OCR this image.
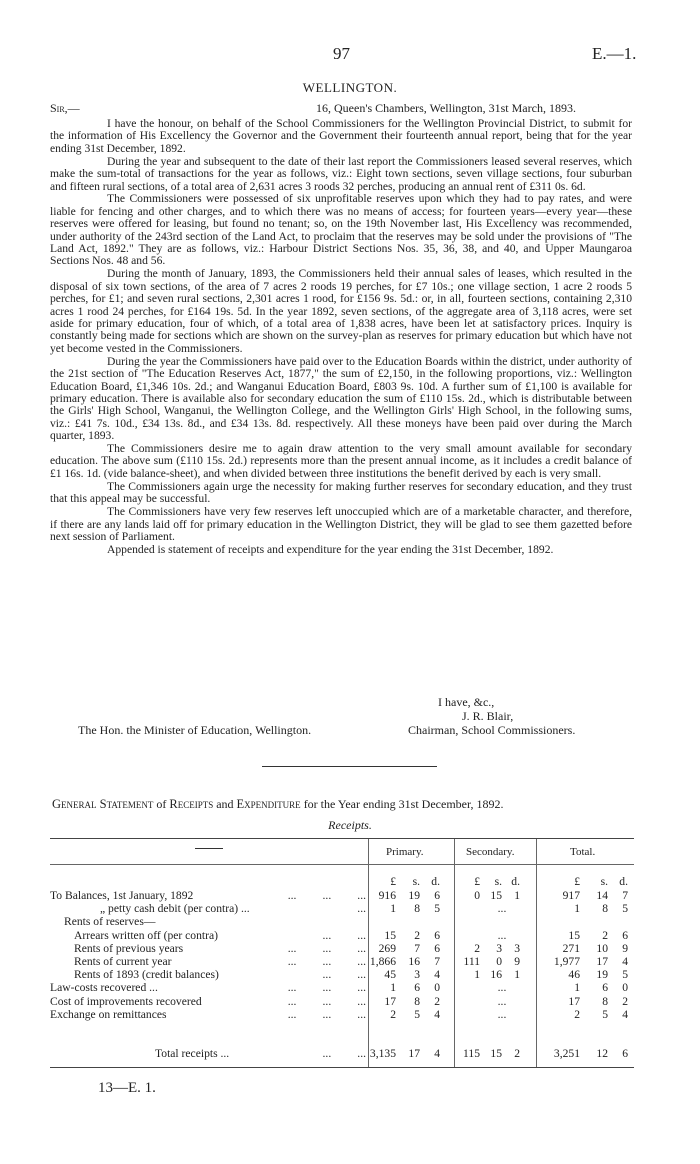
97	E.—1.
WELLINGTON.
Sir,—	16, Queen's Chambers, Wellington, 31st March, 1893.

I have the honour, on behalf of the School Commissioners for the Wellington Provincial District, to submit for the information of His Excellency the Governor and the Government their fourteenth annual report, being that for the year ending 31st December, 1892.

During the year and subsequent to the date of their last report the Commissioners leased several reserves, which make the sum-total of transactions for the year as follows, viz.: Eight town sections, seven village sections, four suburban and fifteen rural sections, of a total area of 2,631 acres 3 roods 32 perches, producing an annual rent of £311 0s. 6d.

The Commissioners were possessed of six unprofitable reserves upon which they had to pay rates, and were liable for fencing and other charges, and to which there was no means of access; for fourteen years—every year—these reserves were offered for leasing, but found no tenant; so, on the 19th November last, His Excellency was recommended, under authority of the 243rd section of the Land Act, to proclaim that the reserves may be sold under the provisions of "The Land Act, 1892." They are as follows, viz.: Harbour District Sections Nos. 35, 36, 38, and 40, and Upper Maungaroa Sections Nos. 48 and 56.

During the month of January, 1893, the Commissioners held their annual sales of leases, which resulted in the disposal of six town sections, of the area of 7 acres 2 roods 19 perches, for £7 10s.; one village section, 1 acre 2 roods 5 perches, for £1; and seven rural sections, 2,301 acres 1 rood, for £156 9s. 5d.: or, in all, fourteen sections, containing 2,310 acres 1 rood 24 perches, for £164 19s. 5d. In the year 1892, seven sections, of the aggregate area of 3,118 acres, were set aside for primary education, four of which, of a total area of 1,838 acres, have been let at satisfactory prices. Inquiry is constantly being made for sections which are shown on the survey-plan as reserves for primary education but which have not yet become vested in the Commissioners.

During the year the Commissioners have paid over to the Education Boards within the district, under authority of the 21st section of "The Education Reserves Act, 1877," the sum of £2,150, in the following proportions, viz.: Wellington Education Board, £1,346 10s. 2d.; and Wanganui Education Board, £803 9s. 10d. A further sum of £1,100 is available for primary education. There is available also for secondary education the sum of £110 15s. 2d., which is distributable between the Girls' High School, Wanganui, the Wellington College, and the Wellington Girls' High School, in the following sums, viz.: £41 7s. 10d., £34 13s. 8d., and £34 13s. 8d. respectively. All these moneys have been paid over during the March quarter, 1893.

The Commissioners desire me to again draw attention to the very small amount available for secondary education. The above sum (£110 15s. 2d.) represents more than the present annual income, as it includes a credit balance of £1 16s. 1d. (vide balance-sheet), and when divided between three institutions the benefit derived by each is very small.

The Commissioners again urge the necessity for making further reserves for secondary education, and they trust that this appeal may be successful.

The Commissioners have very few reserves left unoccupied which are of a marketable character, and therefore, if there are any lands laid off for primary education in the Wellington District, they will be glad to see them gazetted before next session of Parliament.

Appended is statement of receipts and expenditure for the year ending the 31st December, 1892.

I have, &c.,
J. R. Blair,
The Hon. the Minister of Education, Wellington.	Chairman, School Commissioners.
General Statement of Receipts and Expenditure for the Year ending 31st December, 1892.
Receipts.
Primary.	Secondary.	Total.
£	s. d.	£	s. d.	£	s. d.
To Balances, 1st January, 1892	...         ...         ...	916	19	6	0 15	1	917	14	7
„ petty cash debit (per contra) ...	...	1	8	5	...	1	8	5
Rents of reserves—
Arrears written off (per contra)	...         ...	15	2	6	...	15	2	6
Rents of previous years	...         ...         ...	269	7	6	2	3	3	271	10	9
Rents of current year	...         ...         ... 1,866	16	7	111	0	9	1,977	17	4
Rents of 1893 (credit balances)	...         ...	45	3	4	1 16	1	46	19	5
Law-costs recovered ...	...         ...         ...	1	6	0	...	1	6	0
Cost of improvements recovered	...         ...         ...	17	8	2	...	17	8	2
Exchange on remittances	...         ...         ...	2	5	4	...	2	5	4
Total receipts ...	...         ... 3,135	17	4	115 15	2	3,251	12	6
13—E. 1.
